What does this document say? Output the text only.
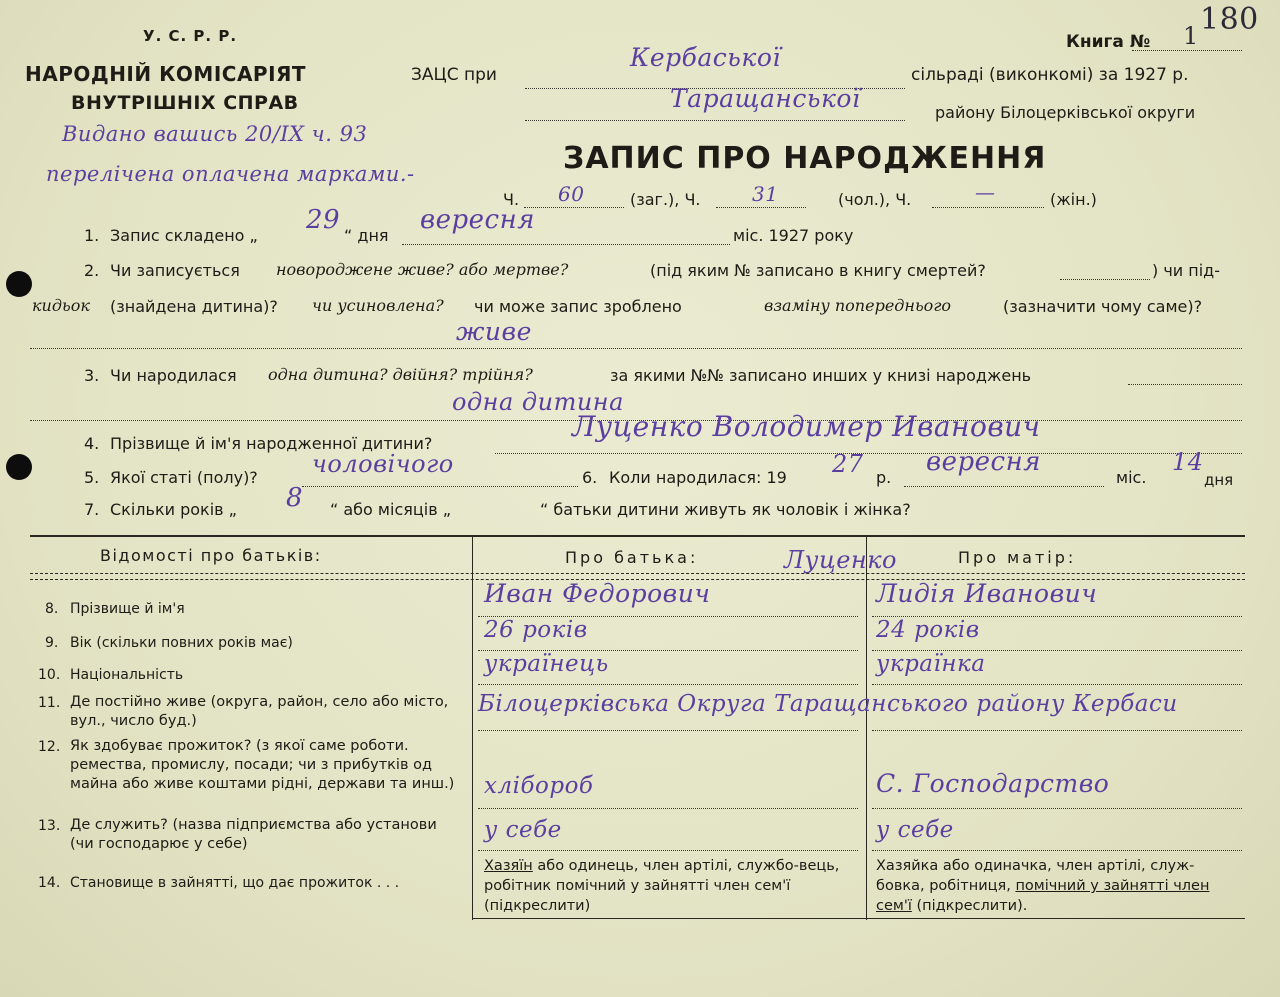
У. С. Р. Р.
НАРОДНІЙ КОМІСАРІЯТ
ВНУТРІШНІХ СПРАВ
ЗАЦС при
Кербаської
Таращанської
сільраді (виконкомі) за 1927 р.
району Білоцерківської округи
Книга № 1 180
Видано вашись 20/IX ч. 93
перелічена оплачена марками.-	ЗАПИС ПРО НАРОДЖЕННЯ
Ч. 60	(заг.), Ч.	31	(чол.), Ч.	—	(жін.)
1. Запис складено „
29
“ дня
вересня
міс. 1927 року
2. Чи записується новороджене живе? або мертве?	(під яким № записано в книгу смертей?	) чи під-
кидьок (знайдена дитина)? чи усиновлена? чи може запис зроблено	взаміну попереднього	(зазначити чому саме)?
живе
3. Чи народилася одна дитина? двійня? трійня?	за якими №№ записано инших у книзі народжень
одна дитина
4. Прізвище й ім'я народженної дитини?
Луценко Володимер Иванович
5. Якої статі (полу)? чоловічого	6. Коли народилася: 19 27 р.
вересня
міс.
14
дня
7. Скільки років „ 8 “ або місяців „	“ батьки дитини живуть як чоловік і жінка?
Відомості про батьків:	Про батька:	Луценко	Про матір:
8. Прізвище й ім'я
Иван Федорович	Лидія Иванович
9. Вік (скільки повних років має)	26 років	24 років
10. Національність	українець	українка
11. Де постійно живе (округа, район, село або місто, вул., число буд.)
Білоцерківська Округа Таращанського району Кербаси
12. Як здобуває прожиток? (з якої саме роботи. ремества, промислу, посади; чи з прибутків од майна або живе коштами рідні, держави та инш.)	хлібороб	С. Господарство
13. Де служить? (назва підприємства або установи (чи господарює у себе)
у себе	у себе
14. Становище в зайнятті, що дає прожиток . . .
Хазяїн або одинець, член артілі, службо-вець, робітник помічний у зайнятті член сем'ї (підкреслити)
Хазяйка або одиначка, член артілі, служ-бовка, робітниця, помічний у зайнятті член сем'ї (підкреслити).
